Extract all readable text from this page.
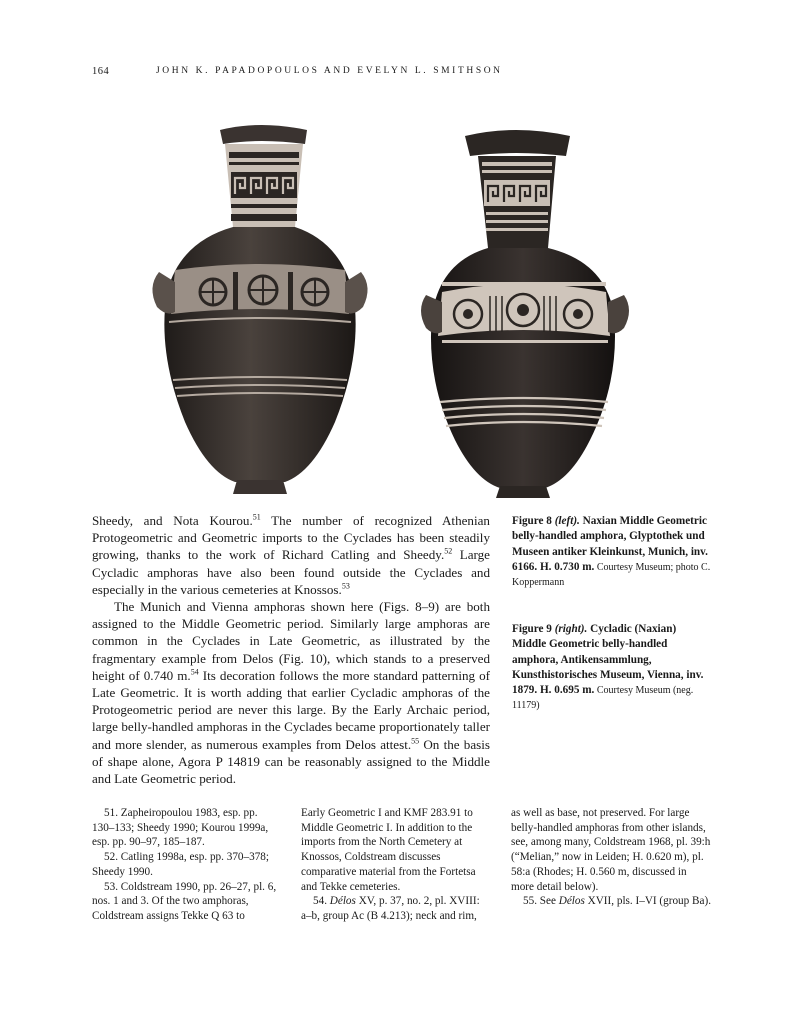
164	JOHN K. PAPADOPOULOS AND EVELYN L. SMITHSON

Sheedy, and Nota Kourou.$^{51}$ The number of recognized Athenian Protogeometric and Geometric imports to the Cyclades has been steadily growing, thanks to the work of Richard Catling and Sheedy.$^{52}$ Large Cycladic amphoras have also been found outside the Cyclades and especially in the various cemeteries at Knossos.$^{53}$

The Munich and Vienna amphoras shown here (Figs. 8–9) are both assigned to the Middle Geometric period. Similarly large amphoras are common in the Cyclades in Late Geometric, as illustrated by the fragmentary example from Delos (Fig. 10), which stands to a preserved height of 0.740 m.$^{54}$ Its decoration follows the more standard patterning of Late Geometric. It is worth adding that earlier Cycladic amphoras of the Protogeometric period are never this large. By the Early Archaic period, large belly-handled amphoras in the Cyclades became proportionately taller and more slender, as numerous examples from Delos attest.$^{55}$ On the basis of shape alone, Agora P 14819 can be reasonably assigned to the Middle and Late Geometric period.

Figure 8 (left). Naxian Middle Geometric belly-handled amphora, Glyptothek und Museen antiker Kleinkunst, Munich, inv. 6166. H. 0.730 m. Courtesy Museum; photo C. Koppermann
Figure 9 (right). Cycladic (Naxian) Middle Geometric belly-handled amphora, Antikensammlung, Kunsthistorisches Museum, Vienna, inv. 1879. H. 0.695 m. Courtesy Museum (neg. 11179)

51. Zapheiropoulou 1983, esp. pp. 130–133; Sheedy 1990; Kourou 1999a, esp. pp. 90–97, 185–187.

52. Catling 1998a, esp. pp. 370–378; Sheedy 1990.

53. Coldstream 1990, pp. 26–27, pl. 6, nos. 1 and 3. Of the two amphoras, Coldstream assigns Tekke Q 63 to

Early Geometric I and KMF 283.91 to Middle Geometric I. In addition to the imports from the North Cemetery at Knossos, Coldstream discusses comparative material from the Fortetsa and Tekke cemeteries.

54. Délos XV, p. 37, no. 2, pl. XVIII: a–b, group Ac (B 4.213); neck and rim,

as well as base, not preserved. For large belly-handled amphoras from other islands, see, among many, Coldstream 1968, pl. 39:h (“Melian,” now in Leiden; H. 0.620 m), pl. 58:a (Rhodes; H. 0.560 m, discussed in more detail below).

55. See Délos XVII, pls. I–VI (group Ba).
